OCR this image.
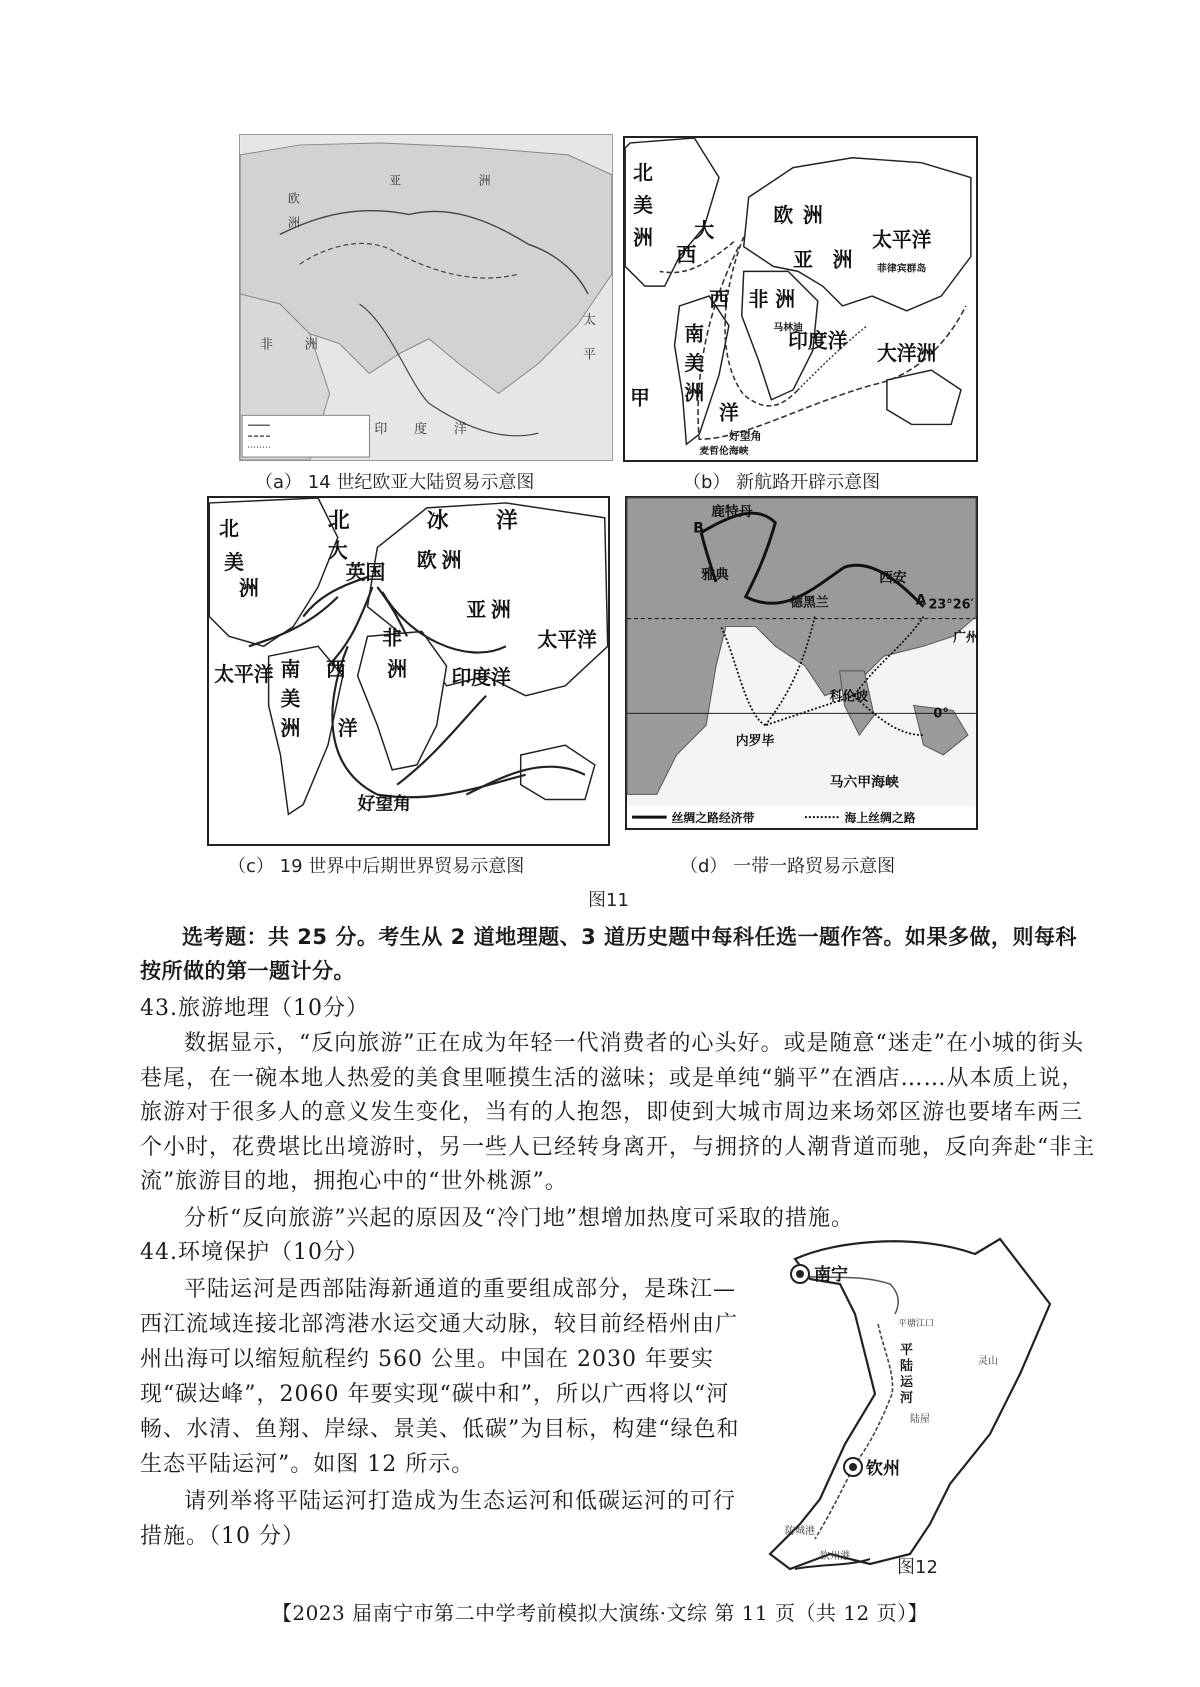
亚	洲
欧
洲
非 洲
印 度 洋
太
平
（a） 14 世纪欧亚大陆贸易示意图
北
美
洲 大
西
西
南
美
洲
甲
洋
欧 洲
亚 洲
非 洲
太平洋
印度洋
大洋洲
好望角
麦哲伦海峡
菲律宾群岛
马林迪
（b） 新航路开辟示意图
北	冰 洋
北
美
洲
大
英国
欧 洲
亚 洲
非
洲
西
太平洋
太平洋	印度洋
南
美
洲 洋
好望角
（c） 19 世界中后期世界贸易示意图
鹿特丹
雅典	西安
德黑兰
广州
科伦坡
内罗毕
马六甲海峡
23°26′
0°
A
B
丝绸之路经济带	海上丝绸之路
（d） 一带一路贸易示意图
图11

选考题：共 25 分。考生从 2 道地理题、3 道历史题中每科任选一题作答。如果多做，则每科按所做的第一题计分。

43.旅游地理（10分）

数据显示，“反向旅游”正在成为年轻一代消费者的心头好。或是随意“迷走”在小城的街头巷尾，在一碗本地人热爱的美食里咂摸生活的滋味；或是单纯“躺平”在酒店……从本质上说，旅游对于很多人的意义发生变化，当有的人抱怨，即使到大城市周边来场郊区游也要堵车两三个小时，花费堪比出境游时，另一些人已经转身离开，与拥挤的人潮背道而驰，反向奔赴“非主流”旅游目的地，拥抱心中的“世外桃源”。

分析“反向旅游”兴起的原因及“冷门地”想增加热度可采取的措施。

44.环境保护（10分）

平陆运河是西部陆海新通道的重要组成部分，是珠江—西江流域连接北部湾港水运交通大动脉，较目前经梧州由广州出海可以缩短航程约 560 公里。中国在 2030 年要实现“碳达峰”，2060 年要实现“碳中和”，所以广西将以“河畅、水清、鱼翔、岸绿、景美、低碳”为目标，构建“绿色和生态平陆运河”。如图 12 所示。

请列举将平陆运河打造成为生态运河和低碳运河的可行措施。（10 分）

南宁
钦州
平
陆
运
河
平塘江口
陆屋
灵山
防城港
钦州港
图12
【2023 届南宁市第二中学考前模拟大演练·文综 第 11 页（共 12 页）】
